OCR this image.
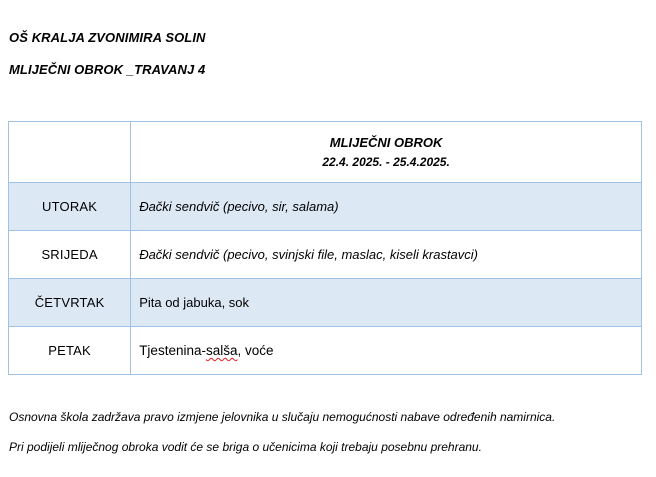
OŠ KRALJA ZVONIMIRA SOLIN
MLIJEČNI OBROK _TRAVANJ 4

	MLIJEČNI OBROK
22.4. 2025. - 25.4.2025.

UTORAK	Đački sendvič (pecivo, sir, salama)
SRIJEDA	Đački sendvič (pecivo, svinjski file, maslac, kiseli krastavci)
ČETVRTAK	Pita od jabuka, sok
PETAK	Tjestenina-salša, voće
Osnovna škola zadržava pravo izmjene jelovnika u slučaju nemogućnosti nabave određenih namirnica.
Pri podijeli mliječnog obroka vodit će se briga o učenicima koji trebaju posebnu prehranu.
